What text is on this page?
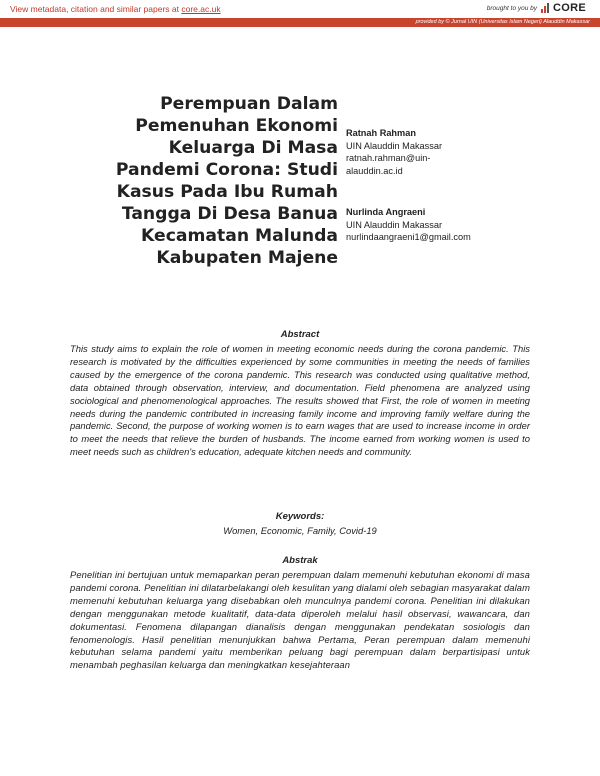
View metadata, citation and similar papers at core.ac.uk	brought to you by CORE
provided by © Jurnal UIN (Universitas Islam Negeri) Alauddin Makassar
Perempuan Dalam
Pemenuhan Ekonomi
Keluarga Di Masa
Pandemi Corona: Studi
Kasus Pada Ibu Rumah
Tangga Di Desa Banua
Kecamatan Malunda
Kabupaten Majene
Ratnah Rahman
UIN Alauddin Makassar
ratnah.rahman@uin-
alauddin.ac.id
Nurlinda Angraeni
UIN Alauddin Makassar
nurlindaangraeni1@gmail.com
Abstract
This study aims to explain the role of women in meeting economic needs during the corona pandemic. This research is motivated by the difficulties experienced by some communities in meeting the needs of families caused by the emergence of the corona pandemic. This research was conducted using qualitative method, data obtained through observation, interview, and documentation. Field phenomena are analyzed using sociological and phenomenological approaches. The results showed that First, the role of women in meeting needs during the pandemic contributed in increasing family income and improving family welfare during the pandemic. Second, the purpose of working women is to earn wages that are used to increase income in order to meet the needs that relieve the burden of husbands. The income earned from working women is used to meet needs such as children's education, adequate kitchen needs and community.
Keywords:
Women, Economic, Family, Covid-19
Abstrak
Penelitian ini bertujuan untuk memaparkan peran perempuan dalam memenuhi kebutuhan ekonomi di masa pandemi corona. Penelitian ini dilatarbelakangi oleh kesulitan yang dialami oleh sebagian masyarakat dalam memenuhi kebutuhan keluarga yang disebabkan oleh munculnya pandemi corona. Penelitian ini dilakukan dengan menggunakan metode kualitatif, data-data diperoleh melalui hasil observasi, wawancara, dan dokumentasi. Fenomena dilapangan dianalisis dengan menggunakan pendekatan sosiologis dan fenomenologis. Hasil penelitian menunjukkan bahwa Pertama, Peran perempuan dalam memenuhi kebutuhan selama pandemi yaitu memberikan peluang bagi perempuan dalam berpartisipasi untuk menambah peghasilan keluarga dan meningkatkan kesejahteraan
